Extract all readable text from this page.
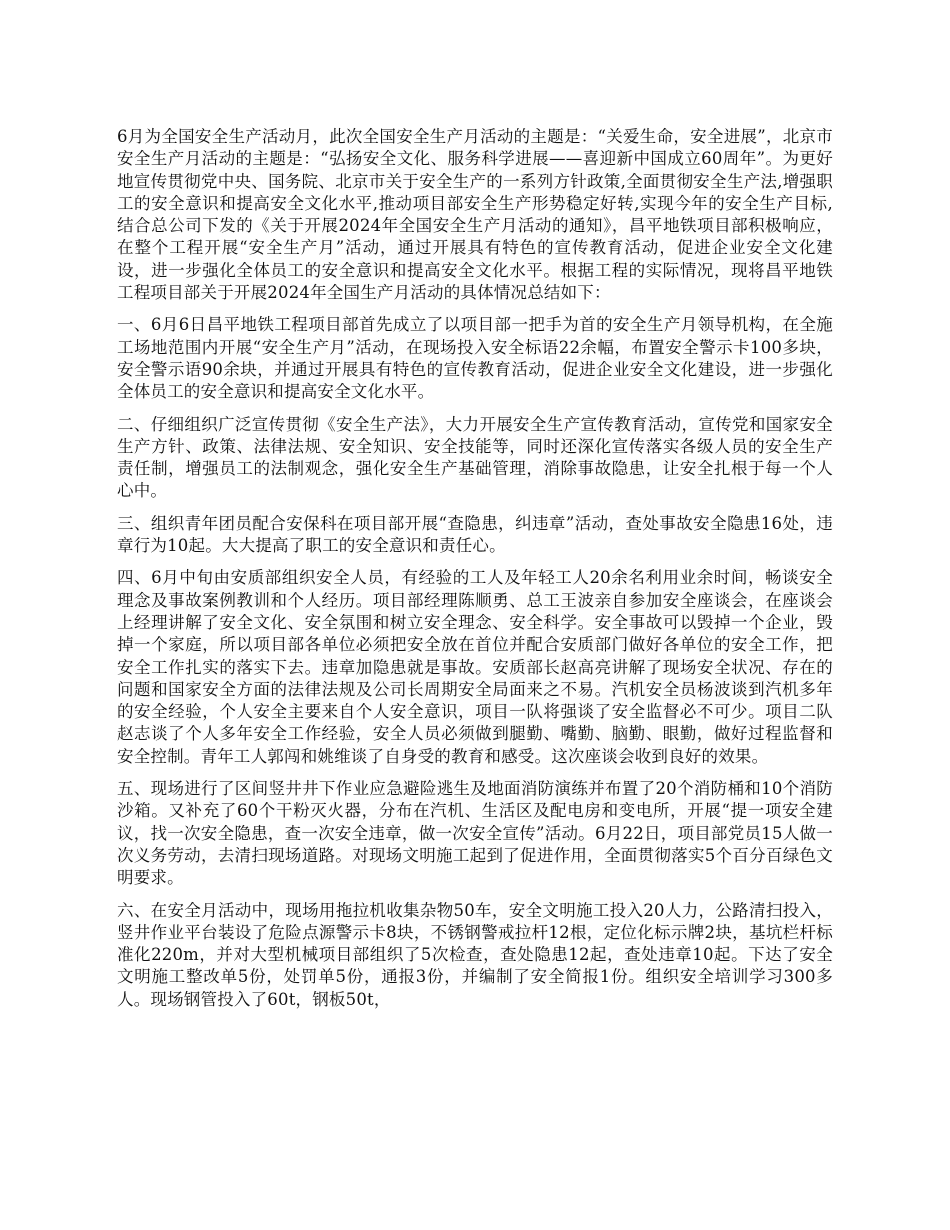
6月为全国安全生产活动月，此次全国安全生产月活动的主题是：“关爱生命，安全进展”，北京市安全生产月活动的主题是：“弘扬安全文化、服务科学进展——喜迎新中国成立60周年”。为更好地宣传贯彻党中央、国务院、北京市关于安全生产的一系列方针政策,全面贯彻安全生产法,增强职工的安全意识和提高安全文化水平,推动项目部安全生产形势稳定好转,实现今年的安全生产目标,结合总公司下发的《关于开展2024年全国安全生产月活动的通知》，昌平地铁项目部积极响应，在整个工程开展“安全生产月”活动，通过开展具有特色的宣传教育活动，促进企业安全文化建设，进一步强化全体员工的安全意识和提高安全文化水平。根据工程的实际情况，现将昌平地铁工程项目部关于开展2024年全国生产月活动的具体情况总结如下：

一、6月6日昌平地铁工程项目部首先成立了以项目部一把手为首的安全生产月领导机构，在全施工场地范围内开展“安全生产月”活动，在现场投入安全标语22余幅，布置安全警示卡100多块，安全警示语90余块，并通过开展具有特色的宣传教育活动，促进企业安全文化建设，进一步强化全体员工的安全意识和提高安全文化水平。

二、仔细组织广泛宣传贯彻《安全生产法》，大力开展安全生产宣传教育活动，宣传党和国家安全生产方针、政策、法律法规、安全知识、安全技能等，同时还深化宣传落实各级人员的安全生产责任制，增强员工的法制观念，强化安全生产基础管理，消除事故隐患，让安全扎根于每一个人心中。

三、组织青年团员配合安保科在项目部开展“查隐患，纠违章”活动，查处事故安全隐患16处，违章行为10起。大大提高了职工的安全意识和责任心。

四、6月中旬由安质部组织安全人员，有经验的工人及年轻工人20余名利用业余时间，畅谈安全理念及事故案例教训和个人经历。项目部经理陈顺勇、总工王波亲自参加安全座谈会，在座谈会上经理讲解了安全文化、安全氛围和树立安全理念、安全科学。安全事故可以毁掉一个企业，毁掉一个家庭，所以项目部各单位必须把安全放在首位并配合安质部门做好各单位的安全工作，把安全工作扎实的落实下去。违章加隐患就是事故。安质部长赵高亮讲解了现场安全状况、存在的问题和国家安全方面的法律法规及公司长周期安全局面来之不易。汽机安全员杨波谈到汽机多年的安全经验，个人安全主要来自个人安全意识，项目一队将强谈了安全监督必不可少。项目二队赵志谈了个人多年安全工作经验，安全人员必须做到腿勤、嘴勤、脑勤、眼勤，做好过程监督和安全控制。青年工人郭闯和姚维谈了自身受的教育和感受。这次座谈会收到良好的效果。

五、现场进行了区间竖井井下作业应急避险逃生及地面消防演练并布置了20个消防桶和10个消防沙箱。又补充了60个干粉灭火器，分布在汽机、生活区及配电房和变电所，开展“提一项安全建议，找一次安全隐患，查一次安全违章，做一次安全宣传”活动。6月22日，项目部党员15人做一次义务劳动，去清扫现场道路。对现场文明施工起到了促进作用，全面贯彻落实5个百分百绿色文明要求。

六、在安全月活动中，现场用拖拉机收集杂物50车，安全文明施工投入20人力，公路清扫投入，竖井作业平台装设了危险点源警示卡8块，不锈钢警戒拉杆12根，定位化标示牌2块，基坑栏杆标准化220m，并对大型机械项目部组织了5次检查，查处隐患12起，查处违章10起。下达了安全文明施工整改单5份，处罚单5份，通报3份，并编制了安全简报1份。组织安全培训学习300多人。现场钢管投入了60t，钢板50t，
